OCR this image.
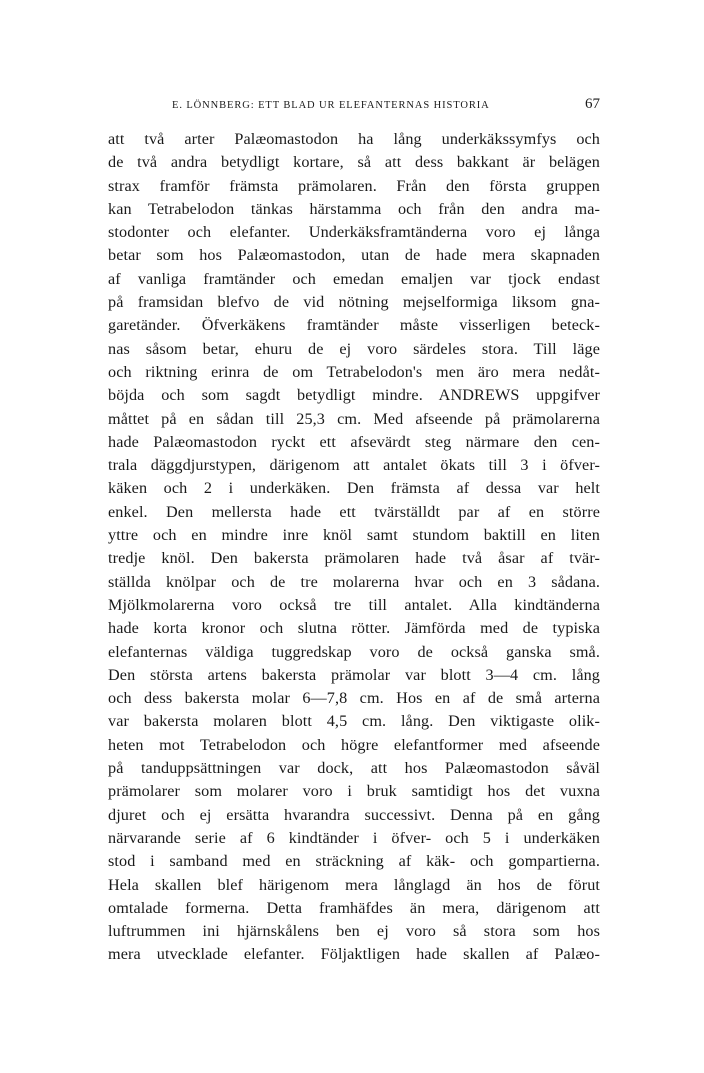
E. LÖNNBERG: ETT BLAD UR ELEFANTERNAS HISTORIA	67
att två arter Palæomastodon ha lång underkäkssymfys och
de två andra betydligt kortare, så att dess bakkant är belägen
strax framför främsta prämolaren. Från den första gruppen
kan Tetrabelodon tänkas härstamma och från den andra ma-
stodonter och elefanter. Underkäksframtänderna voro ej långa
betar som hos Palæomastodon, utan de hade mera skapnaden
af vanliga framtänder och emedan emaljen var tjock endast
på framsidan blefvo de vid nötning mejselformiga liksom gna-
garetänder. Öfverkäkens framtänder måste visserligen beteck-
nas såsom betar, ehuru de ej voro särdeles stora. Till läge
och riktning erinra de om Tetrabelodon's men äro mera nedåt-
böjda och som sagdt betydligt mindre. ANDREWS uppgifver
måttet på en sådan till 25,3 cm. Med afseende på prämolarerna
hade Palæomastodon ryckt ett afsevärdt steg närmare den cen-
trala däggdjurstypen, därigenom att antalet ökats till 3 i öfver-
käken och 2 i underkäken. Den främsta af dessa var helt
enkel. Den mellersta hade ett tvärställdt par af en större
yttre och en mindre inre knöl samt stundom baktill en liten
tredje knöl. Den bakersta prämolaren hade två åsar af tvär-
ställda knölpar och de tre molarerna hvar och en 3 sådana.
Mjölkmolarerna voro också tre till antalet. Alla kindtänderna
hade korta kronor och slutna rötter. Jämförda med de typiska
elefanternas väldiga tuggredskap voro de också ganska små.
Den största artens bakersta prämolar var blott 3—4 cm. lång
och dess bakersta molar 6—7,8 cm. Hos en af de små arterna
var bakersta molaren blott 4,5 cm. lång. Den viktigaste olik-
heten mot Tetrabelodon och högre elefantformer med afseende
på tanduppsättningen var dock, att hos Palæomastodon såväl
prämolarer som molarer voro i bruk samtidigt hos det vuxna
djuret och ej ersätta hvarandra successivt. Denna på en gång
närvarande serie af 6 kindtänder i öfver- och 5 i underkäken
stod i samband med en sträckning af käk- och gompartierna.
Hela skallen blef härigenom mera långlagd än hos de förut
omtalade formerna. Detta framhäfdes än mera, därigenom att
luftrummen ini hjärnskålens ben ej voro så stora som hos
mera utvecklade elefanter. Följaktligen hade skallen af Palæo-
